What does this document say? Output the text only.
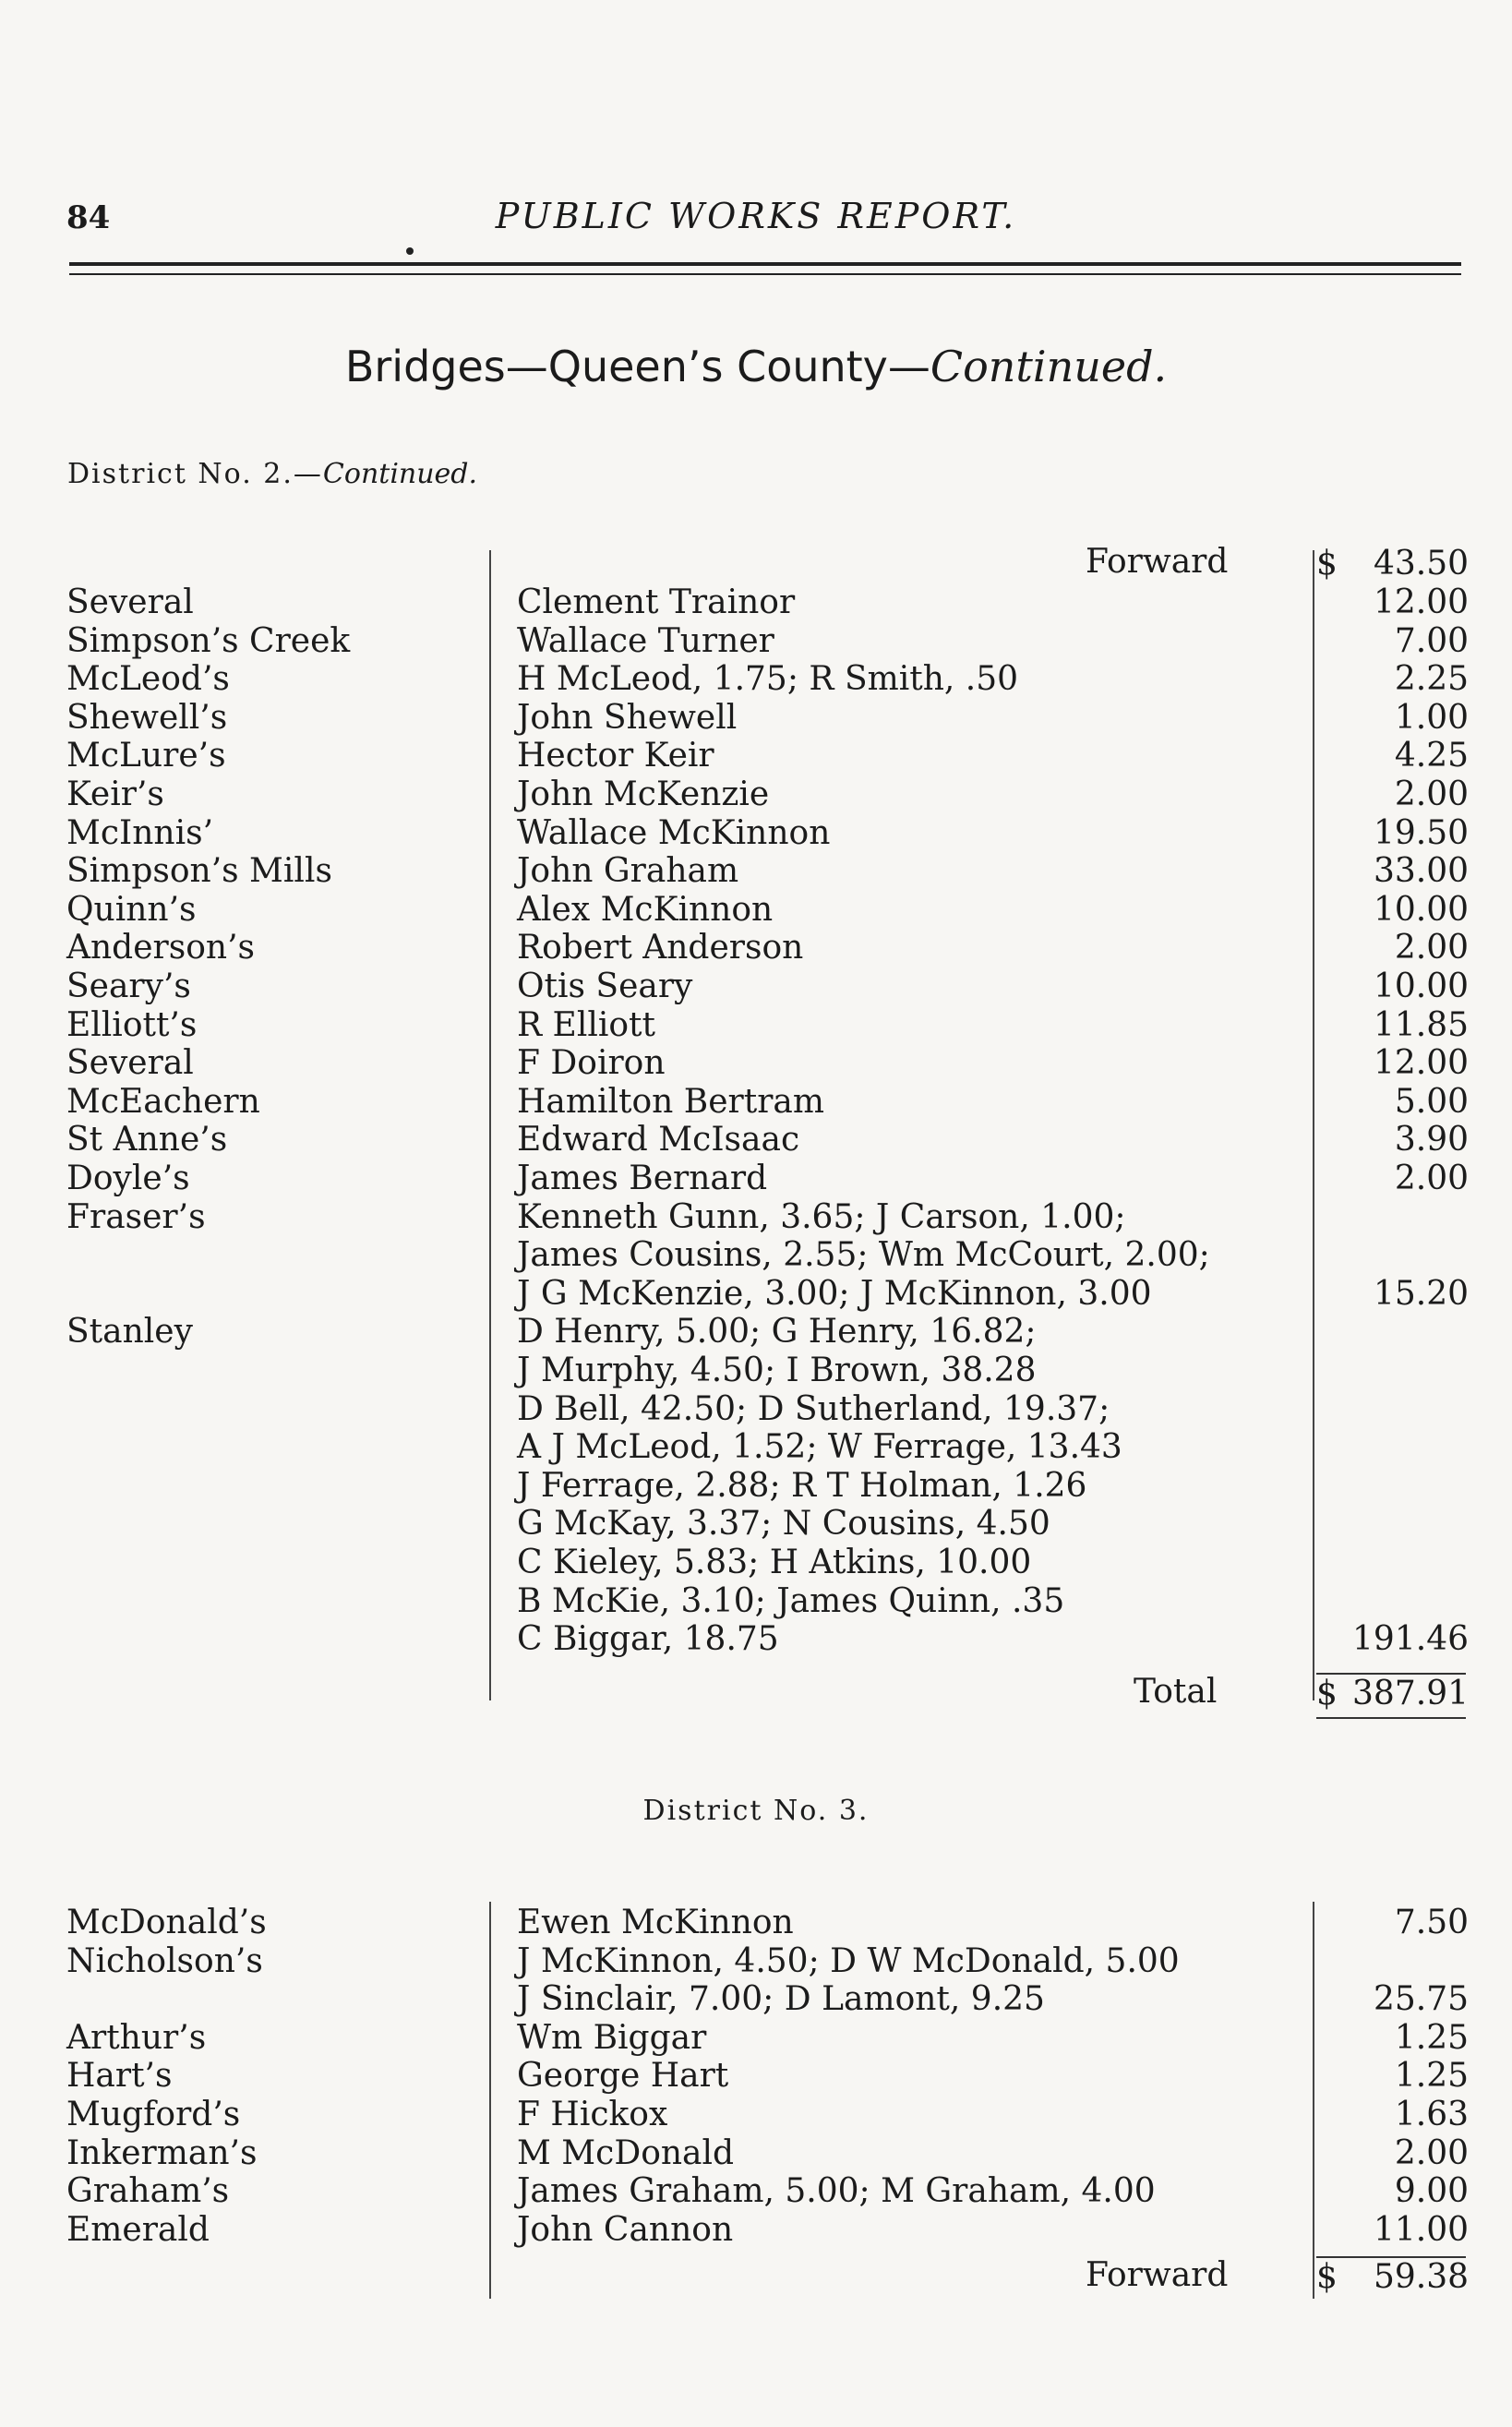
84	PUBLIC WORKS REPORT.
Bridges—Queen’s County—Continued.
District No. 2.—Continued.
Forward	$ 43.50
Several	Clement Trainor	12.00
Simpson’s Creek	Wallace Turner	7.00
McLeod’s	H McLeod, 1.75; R Smith, .50	2.25
Shewell’s	John Shewell	1.00
McLure’s	Hector Keir	4.25
Keir’s	John McKenzie	2.00
McInnis’	Wallace McKinnon	19.50
Simpson’s Mills	John Graham	33.00
Quinn’s	Alex McKinnon	10.00
Anderson’s	Robert Anderson	2.00
Seary’s	Otis Seary	10.00
Elliott’s	R Elliott	11.85
Several	F Doiron	12.00
McEachern	Hamilton Bertram	5.00
St Anne’s	Edward McIsaac	3.90
Doyle’s	James Bernard	2.00
Fraser’s	Kenneth Gunn, 3.65; J Carson, 1.00;
James Cousins, 2.55; Wm McCourt, 2.00;
J G McKenzie, 3.00; J McKinnon, 3.00	15.20
Stanley	D Henry, 5.00; G Henry, 16.82;
J Murphy, 4.50; I Brown, 38.28
D Bell, 42.50; D Sutherland, 19.37;
A J McLeod, 1.52; W Ferrage, 13.43
J Ferrage, 2.88; R T Holman, 1.26
G McKay, 3.37; N Cousins, 4.50
C Kieley, 5.83; H Atkins, 10.00
B McKie, 3.10; James Quinn, .35
C Biggar, 18.75	191.46
Total	$ 387.91
District No. 3.
McDonald’s	Ewen McKinnon	7.50
Nicholson’s	J McKinnon, 4.50; D W McDonald, 5.00
J Sinclair, 7.00; D Lamont, 9.25	25.75
Arthur’s	Wm Biggar	1.25
Hart’s	George Hart	1.25
Mugford’s	F Hickox	1.63
Inkerman’s	M McDonald	2.00
Graham’s	James Graham, 5.00; M Graham, 4.00	9.00
Emerald	John Cannon	11.00
Forward	$ 59.38
